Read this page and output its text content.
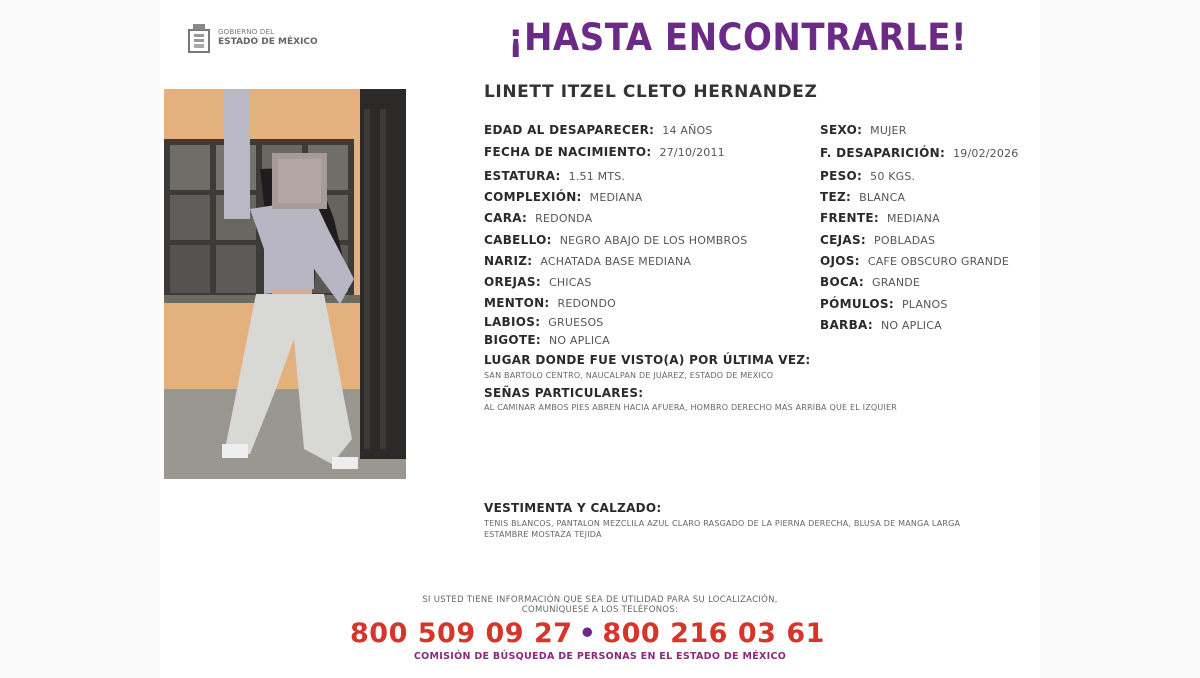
GOBIERNO DEL
ESTADO DE MÉXICO	¡HASTA ENCONTRARLE!
LINETT ITZEL CLETO HERNANDEZ
EDAD AL DESAPARECER: 14 AÑOS
FECHA DE NACIMIENTO: 27/10/2011
ESTATURA: 1.51 MTS.
COMPLEXIÓN: MEDIANA
CARA: REDONDA
CABELLO: NEGRO ABAJO DE LOS HOMBROS
NARIZ: ACHATADA BASE MEDIANA
OREJAS: CHICAS
MENTON: REDONDO
LABIOS: GRUESOS
BIGOTE: NO APLICA
SEXO: MUJER
F. DESAPARICIÓN: 19/02/2026
PESO: 50 KGS.
TEZ: BLANCA
FRENTE: MEDIANA
CEJAS: POBLADAS
OJOS: CAFE OBSCURO GRANDE
BOCA: GRANDE
PÓMULOS: PLANOS
BARBA: NO APLICA
LUGAR DONDE FUE VISTO(A) POR ÚLTIMA VEZ:
SAN BARTOLO CENTRO, NAUCALPAN DE JUÁREZ, ESTADO DE MEXICO
SEÑAS PARTICULARES:
AL CAMINAR AMBOS PIES ABREN HACIA AFUERA, HOMBRO DERECHO MAS ARRIBA QUE EL IZQUIER
VESTIMENTA Y CALZADO:
TENIS BLANCOS, PANTALON MEZCLILA AZUL CLARO RASGADO DE LA PIERNA DERECHA, BLUSA DE MANGA LARGA
ESTAMBRE MOSTAZA TEJIDA
SI USTED TIENE INFORMACIÓN QUE SEA DE UTILIDAD PARA SU LOCALIZACIÓN,
COMUNÍQUESE A LOS TELÉFONOS:
800 509 09 27 • 800 216 03 61
COMISIÓN DE BÚSQUEDA DE PERSONAS EN EL ESTADO DE MÉXICO
